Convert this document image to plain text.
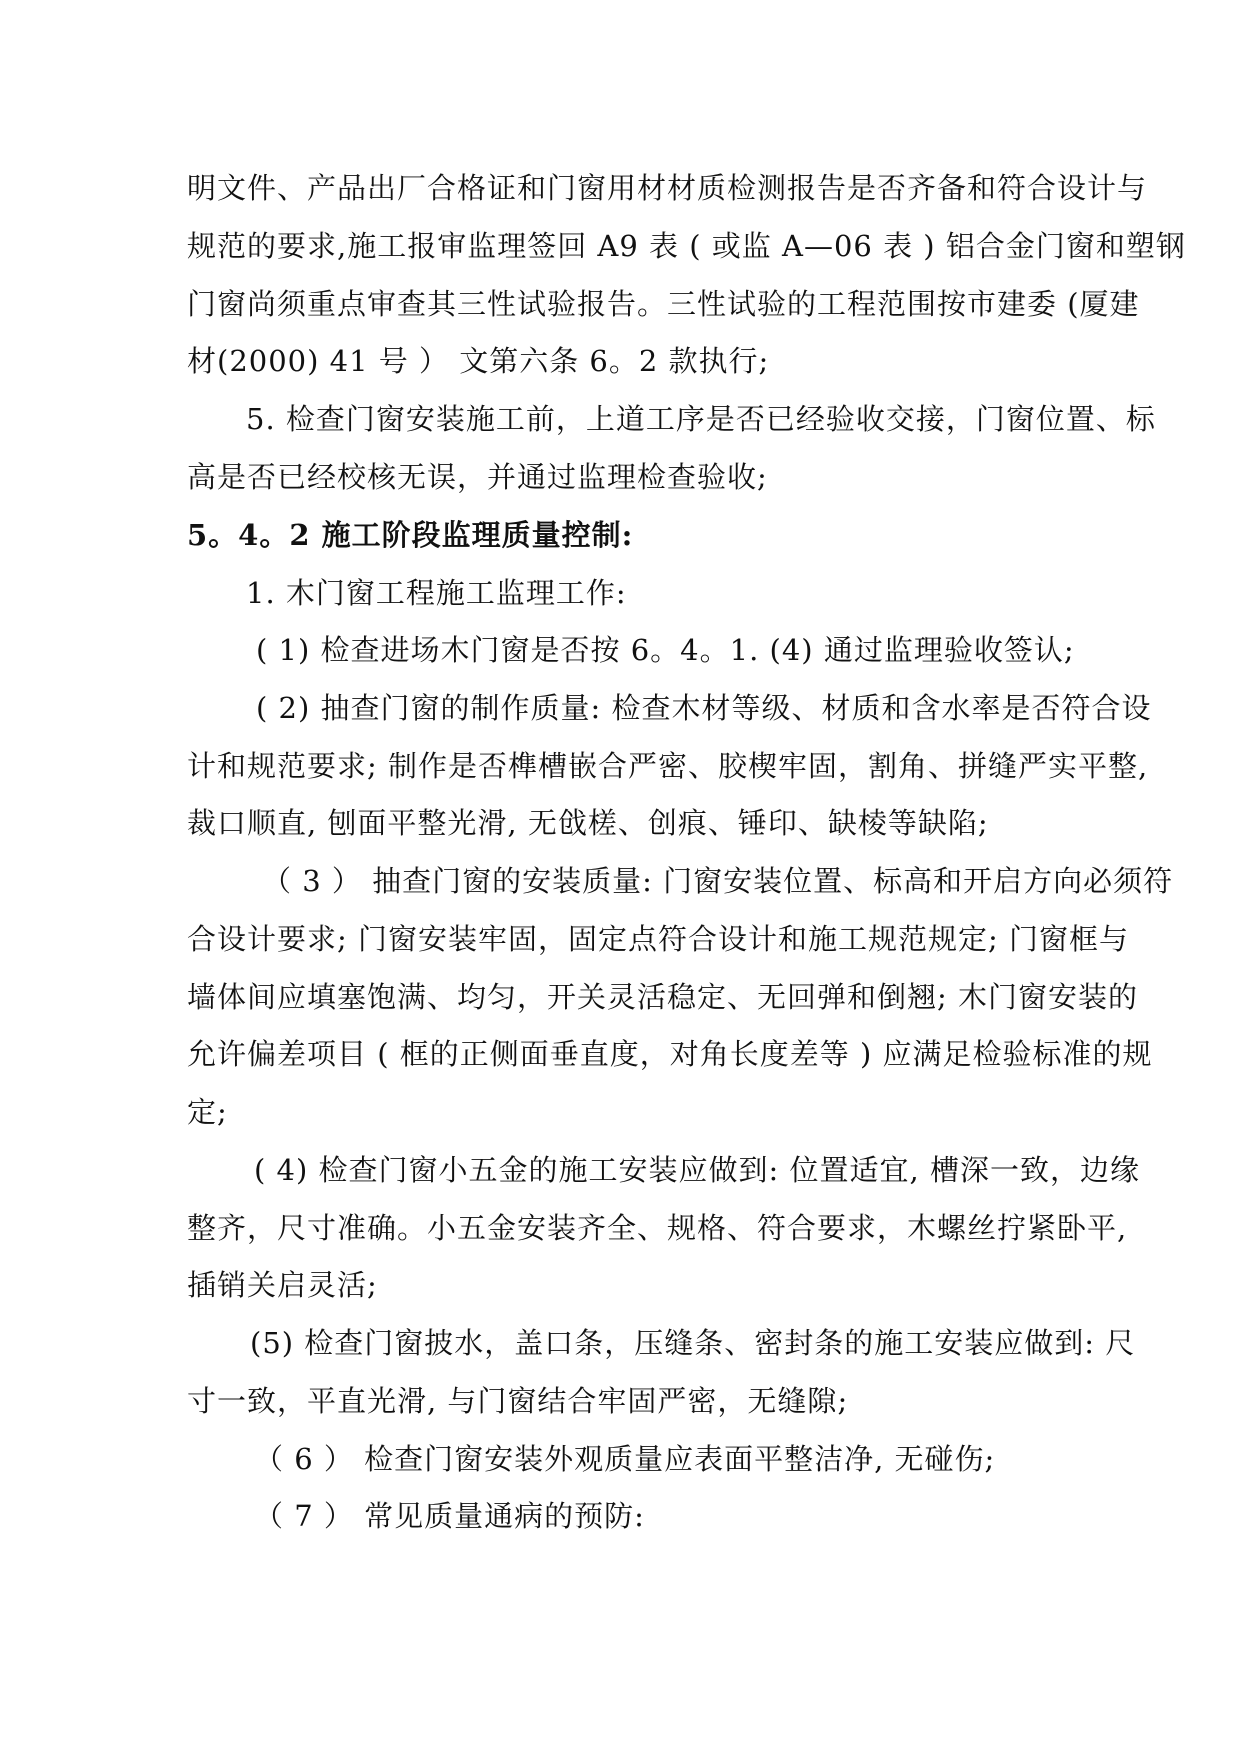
明文件、产品出厂合格证和门窗用材材质检测报告是否齐备和符合设计与
规范的要求,施工报审监理签回 A9 表 ( 或监 A—06 表 ) 铝合金门窗和塑钢
门窗尚须重点审查其三性试验报告。三性试验的工程范围按市建委 (厦建
材(2000) 41 号 ） 文第六条 6。2 款执行;
5. 检查门窗安装施工前，上道工序是否已经验收交接，门窗位置、标
高是否已经校核无误，并通过监理检查验收;
5。4。2 施工阶段监理质量控制:
1. 木门窗工程施工监理工作:
( 1) 检查进场木门窗是否按 6。4。1. (4) 通过监理验收签认;
( 2) 抽查门窗的制作质量: 检查木材等级、材质和含水率是否符合设
计和规范要求; 制作是否榫槽嵌合严密、胶楔牢固，割角、拼缝严实平整,
裁口顺直, 刨面平整光滑, 无戗槎、创痕、锤印、缺棱等缺陷;
（ 3 ） 抽查门窗的安装质量: 门窗安装位置、标高和开启方向必须符
合设计要求; 门窗安装牢固，固定点符合设计和施工规范规定; 门窗框与
墙体间应填塞饱满、均匀，开关灵活稳定、无回弹和倒翘; 木门窗安装的
允许偏差项目 ( 框的正侧面垂直度，对角长度差等 ) 应满足检验标准的规
定;
( 4) 检查门窗小五金的施工安装应做到: 位置适宜, 槽深一致，边缘
整齐，尺寸准确。小五金安装齐全、规格、符合要求，木螺丝拧紧卧平,
插销关启灵活;
(5) 检查门窗披水，盖口条，压缝条、密封条的施工安装应做到: 尺
寸一致，平直光滑, 与门窗结合牢固严密，无缝隙;
（ 6 ） 检查门窗安装外观质量应表面平整洁净, 无碰伤;
（ 7 ） 常见质量通病的预防:
